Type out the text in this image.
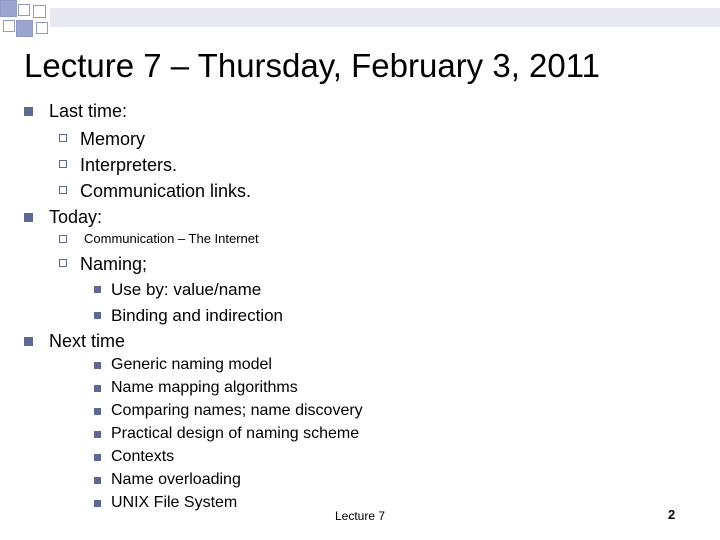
Lecture 7 – Thursday, February 3, 2011
Last time:
Memory
Interpreters.
Communication links.
Today:
Communication – The Internet
Naming;
Use by: value/name
Binding and indirection
Next time
Generic naming model
Name mapping algorithms
Comparing names; name discovery
Practical design of naming scheme
Contexts
Name overloading
UNIX File System
Lecture 7	2
